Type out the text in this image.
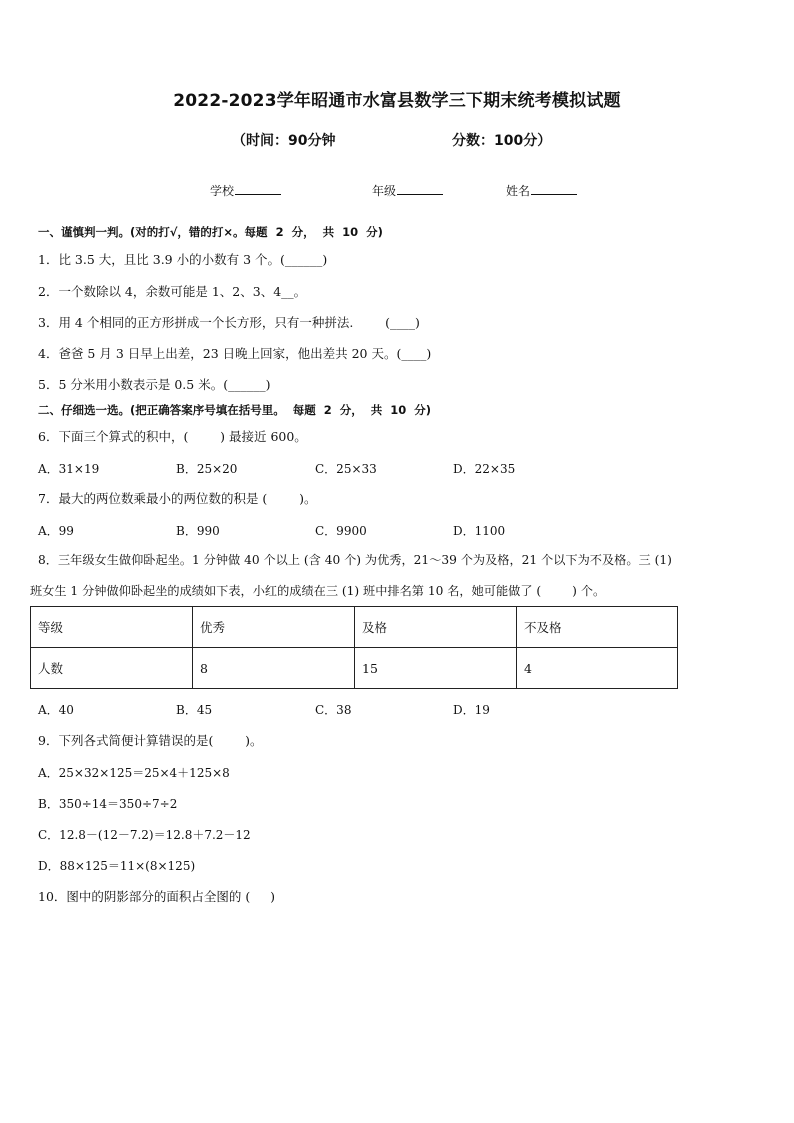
2022-2023学年昭通市水富县数学三下期末统考模拟试题
（时间：90分钟	分数：100分）
学校	年级	姓名
一、谨慎判一判。(对的打√，错的打×。每题  2  分，  共  10  分)
1．比 3.5 大，且比 3.9 小的小数有 3 个。(______)
2．一个数除以 4，余数可能是 1、2、3、4__。
3．用 4 个相同的正方形拼成一个长方形，只有一种拼法.        (____)
4．爸爸 5 月 3 日早上出差，23 日晚上回家，他出差共 20 天。(____)
5．5 分米用小数表示是 0.5 米。(______)
二、仔细选一选。(把正确答案序号填在括号里。  每题  2  分，  共  10  分)
6．下面三个算式的积中，(        ) 最接近 600。
A．31×19	B．25×20	C．25×33	D．22×35
7．最大的两位数乘最小的两位数的积是 (        )。
A．99	B．990	C．9900	D．1100
8．三年级女生做仰卧起坐。1 分钟做 40 个以上 (含 40 个) 为优秀，21～39 个为及格，21 个以下为不及格。三 (1)
班女生 1 分钟做仰卧起坐的成绩如下表，小红的成绩在三 (1) 班中排名第 10 名，她可能做了 (        ) 个。
等级	优秀	及格	不及格
人数	8	15	4
A．40	B．45	C．38	D．19
9．下列各式简便计算错误的是(        )。
A．25×32×125＝25×4＋125×8
B．350÷14＝350÷7÷2
C．12.8－(12－7.2)＝12.8＋7.2－12
D．88×125＝11×(8×125)
10．图中的阴影部分的面积占全图的 (     )
